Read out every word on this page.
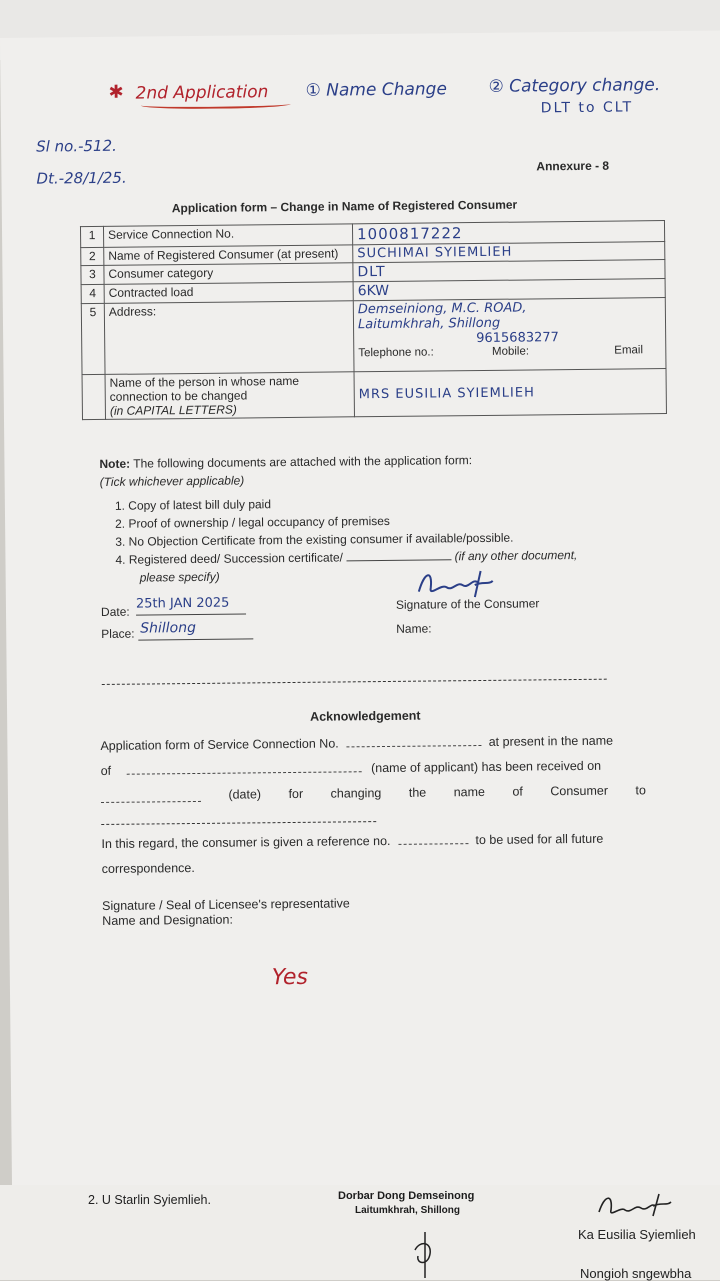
✱ 2nd Application ① Name Change ② Category change.
DLT to CLT
Sl no.-512.
Dt.-28/1/25.
Annexure - 8
Application form – Change in Name of Registered Consumer
1	Service Connection No.	1000817222
2	Name of Registered Consumer (at present)	SUCHIMAI SYIEMLIEH
3	Consumer category	DLT
4	Contracted load	6KW
5	Address:	Demseiniong, M.C. ROAD,
Laitumkhrah, Shillong
9615683277
Telephone no.: Mobile: Email

	Name of the person in whose name
connection to be changed
(in CAPITAL LETTERS)	MRS EUSILIA SYIEMLIEH
Note: The following documents are attached with the application form:
(Tick whichever applicable)
1. Copy of latest bill duly paid
2. Proof of ownership / legal occupancy of premises
3. No Objection Certificate from the existing consumer if available/possible.
4. Registered deed/ Succession certificate/	(if any other document,
please specify)
Date:
25th JAN 2025
Place: Shillong
Signature of the Consumer
Name:
Acknowledgement
Application form of Service Connection No.	at present in the name
of	(name of applicant) has been received on
(date) for changing the name of Consumer to
In this regard, the consumer is given a reference no.	to be used for all future
correspondence.
Signature / Seal of Licensee's representative
Name and Designation:
Yes
2. U Starlin Syiemlieh.	Dorbar Dong Demseinong
Laitumkhrah, Shillong
Ka Eusilia Syiemlieh
Nongioh sngewbha
